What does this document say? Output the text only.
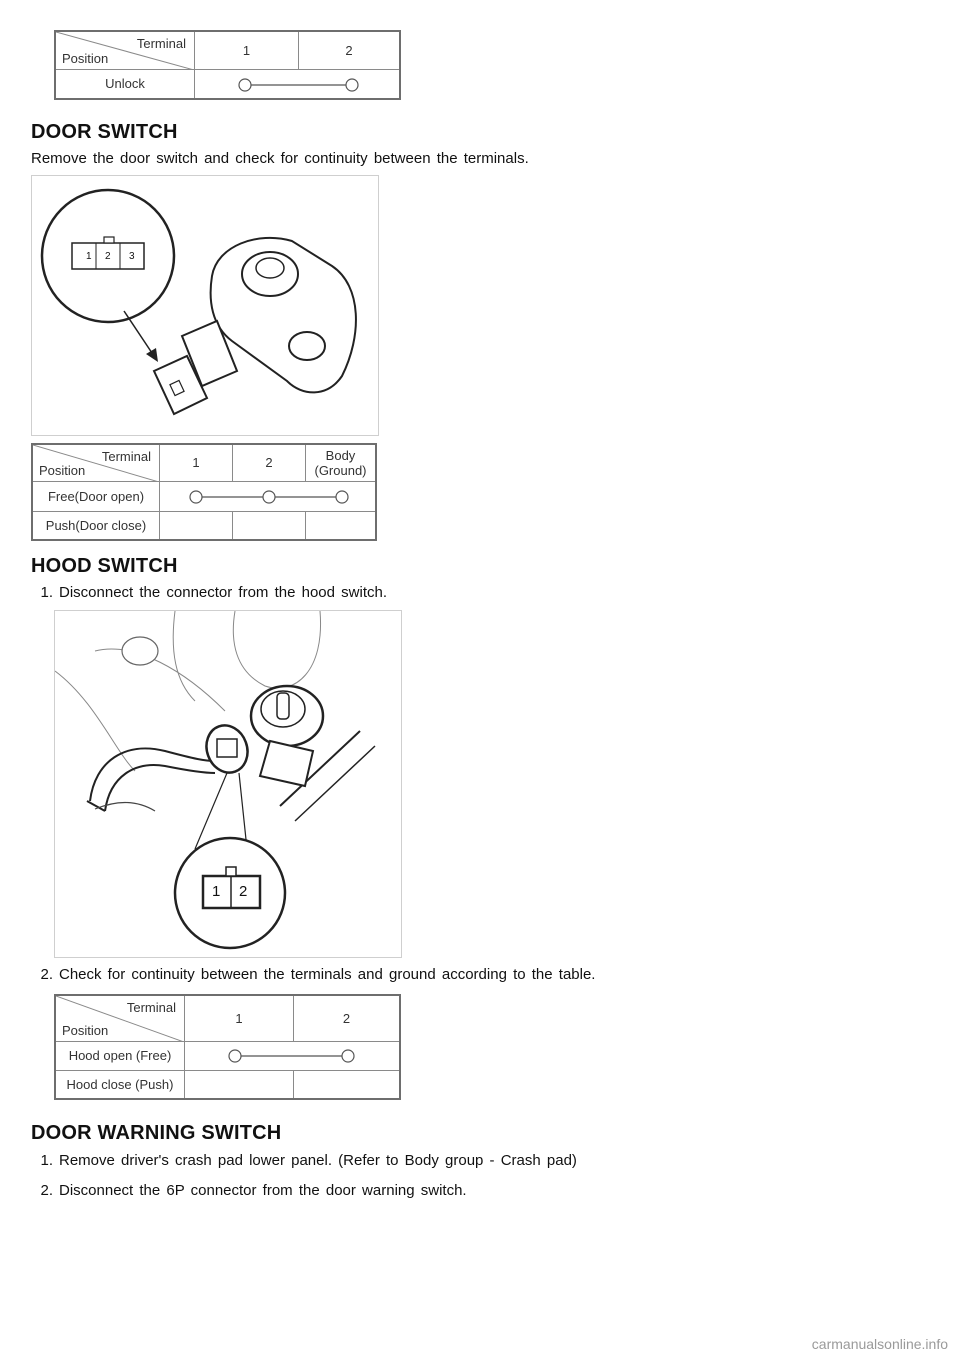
Terminal
Position	1	2
Unlock	
DOOR SWITCH

Remove the door switch and check for continuity between the terminals.

1 2 3
Terminal
Position	1	2	Body
(Ground)
Free(Door open)	

Push(Door close)			
HOOD SWITCH

1. Disconnect the connector from the hood switch.

1 2

2. Check for continuity between the terminals and ground according to the table.

Terminal
Position	1	2
Hood open (Free)	

Hood close (Push)		
DOOR WARNING SWITCH

1. Remove driver's crash pad lower panel. (Refer to Body group - Crash pad)

2. Disconnect the 6P connector from the door warning switch.

carmanualsonline.info
